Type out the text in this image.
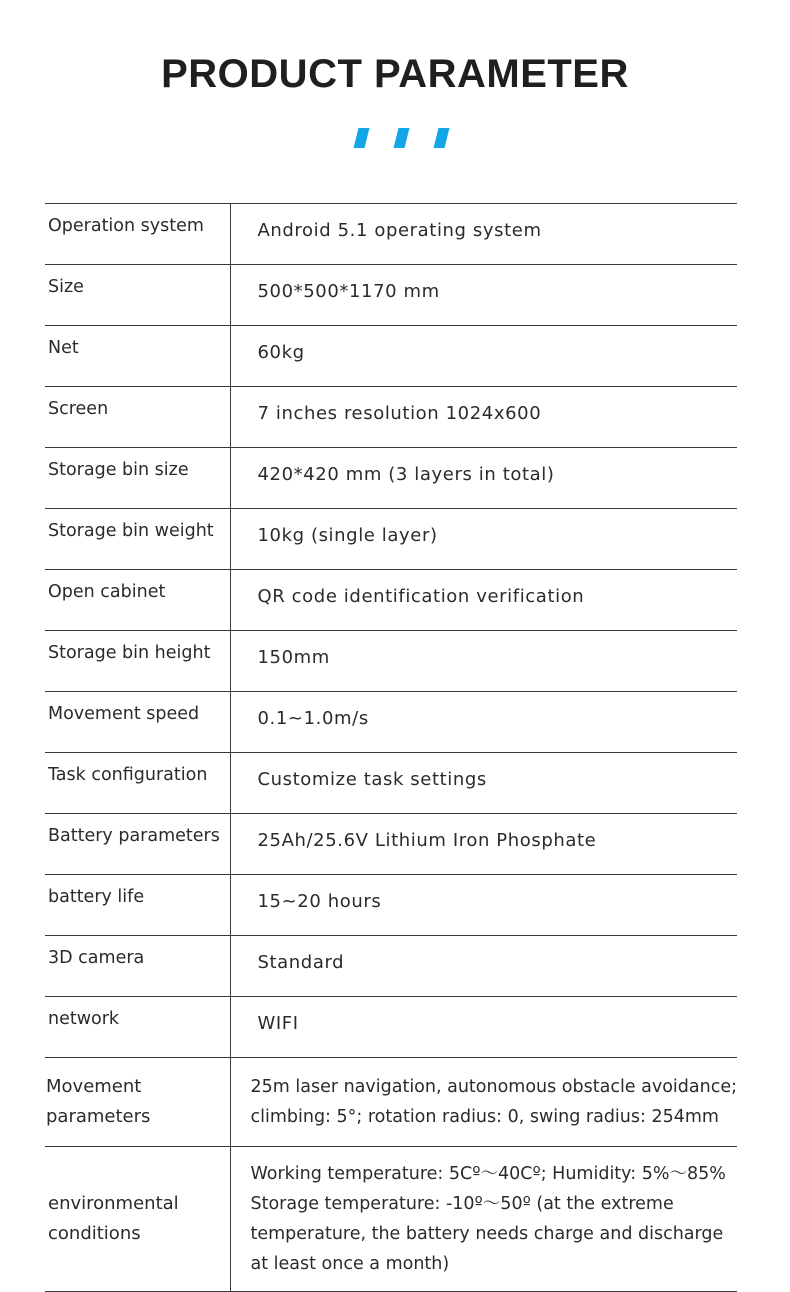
PRODUCT PARAMETER
Operation system	Android 5.1 operating system
Size	500*500*1170 mm
Net	60kg
Screen	7 inches resolution 1024x600
Storage bin size	420*420 mm (3 layers in total)
Storage bin weight	10kg (single layer)
Open cabinet	QR code identification verification
Storage bin height	150mm
Movement speed	0.1~1.0m/s
Task configuration	Customize task settings
Battery parameters	25Ah/25.6V Lithium Iron Phosphate
battery life	15~20 hours
3D camera	Standard
network	WIFI

Movement
parameters	25m laser navigation, autonomous obstacle avoidance;
climbing: 5°; rotation radius: 0, swing radius: 254mm

environmental
conditions	Working temperature: 5Cº〜40Cº; Humidity: 5%〜85%
Storage temperature: -10º〜50º (at the extreme
temperature, the battery needs charge and discharge
at least once a month)
